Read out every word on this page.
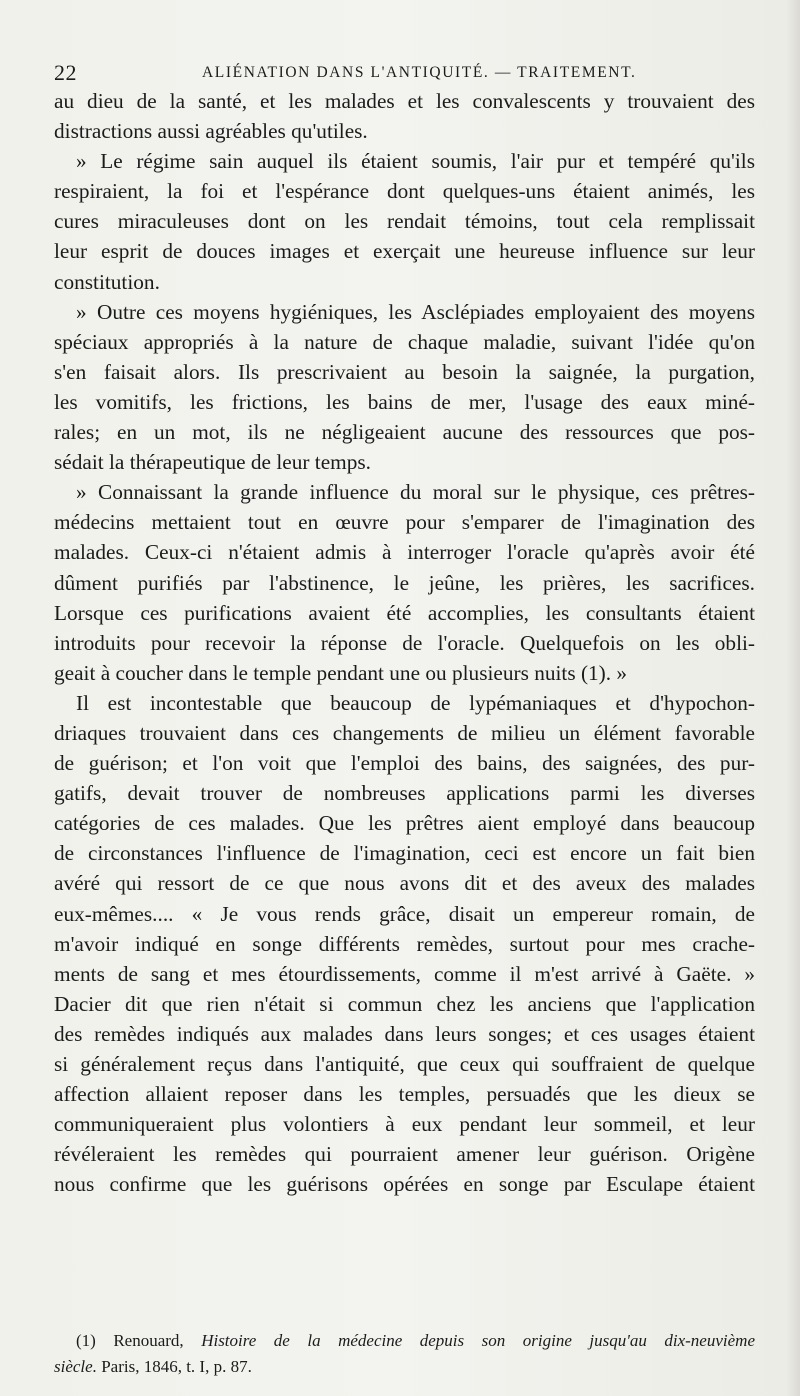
22	ALIÉNATION DANS L'ANTIQUITÉ. — TRAITEMENT.
au dieu de la santé, et les malades et les convalescents y trouvaient des
distractions aussi agréables qu'utiles.
» Le régime sain auquel ils étaient soumis, l'air pur et tempéré qu'ils
respiraient, la foi et l'espérance dont quelques-uns étaient animés, les
cures miraculeuses dont on les rendait témoins, tout cela remplissait
leur esprit de douces images et exerçait une heureuse influence sur leur
constitution.
» Outre ces moyens hygiéniques, les Asclépiades employaient des moyens
spéciaux appropriés à la nature de chaque maladie, suivant l'idée qu'on
s'en faisait alors. Ils prescrivaient au besoin la saignée, la purgation,
les vomitifs, les frictions, les bains de mer, l'usage des eaux miné-
rales; en un mot, ils ne négligeaient aucune des ressources que pos-
sédait la thérapeutique de leur temps.
» Connaissant la grande influence du moral sur le physique, ces prêtres-
médecins mettaient tout en œuvre pour s'emparer de l'imagination des
malades. Ceux-ci n'étaient admis à interroger l'oracle qu'après avoir été
dûment purifiés par l'abstinence, le jeûne, les prières, les sacrifices.
Lorsque ces purifications avaient été accomplies, les consultants étaient
introduits pour recevoir la réponse de l'oracle. Quelquefois on les obli-
geait à coucher dans le temple pendant une ou plusieurs nuits (1). »
Il est incontestable que beaucoup de lypémaniaques et d'hypochon-
driaques trouvaient dans ces changements de milieu un élément favorable
de guérison; et l'on voit que l'emploi des bains, des saignées, des pur-
gatifs, devait trouver de nombreuses applications parmi les diverses
catégories de ces malades. Que les prêtres aient employé dans beaucoup
de circonstances l'influence de l'imagination, ceci est encore un fait bien
avéré qui ressort de ce que nous avons dit et des aveux des malades
eux-mêmes.... « Je vous rends grâce, disait un empereur romain, de
m'avoir indiqué en songe différents remèdes, surtout pour mes crache-
ments de sang et mes étourdissements, comme il m'est arrivé à Gaëte. »
Dacier dit que rien n'était si commun chez les anciens que l'application
des remèdes indiqués aux malades dans leurs songes; et ces usages étaient
si généralement reçus dans l'antiquité, que ceux qui souffraient de quelque
affection allaient reposer dans les temples, persuadés que les dieux se
communiqueraient plus volontiers à eux pendant leur sommeil, et leur
révéleraient les remèdes qui pourraient amener leur guérison. Origène
nous confirme que les guérisons opérées en songe par Esculape étaient
(1) Renouard, Histoire de la médecine depuis son origine jusqu'au dix-neuvième
siècle. Paris, 1846, t. I, p. 87.
